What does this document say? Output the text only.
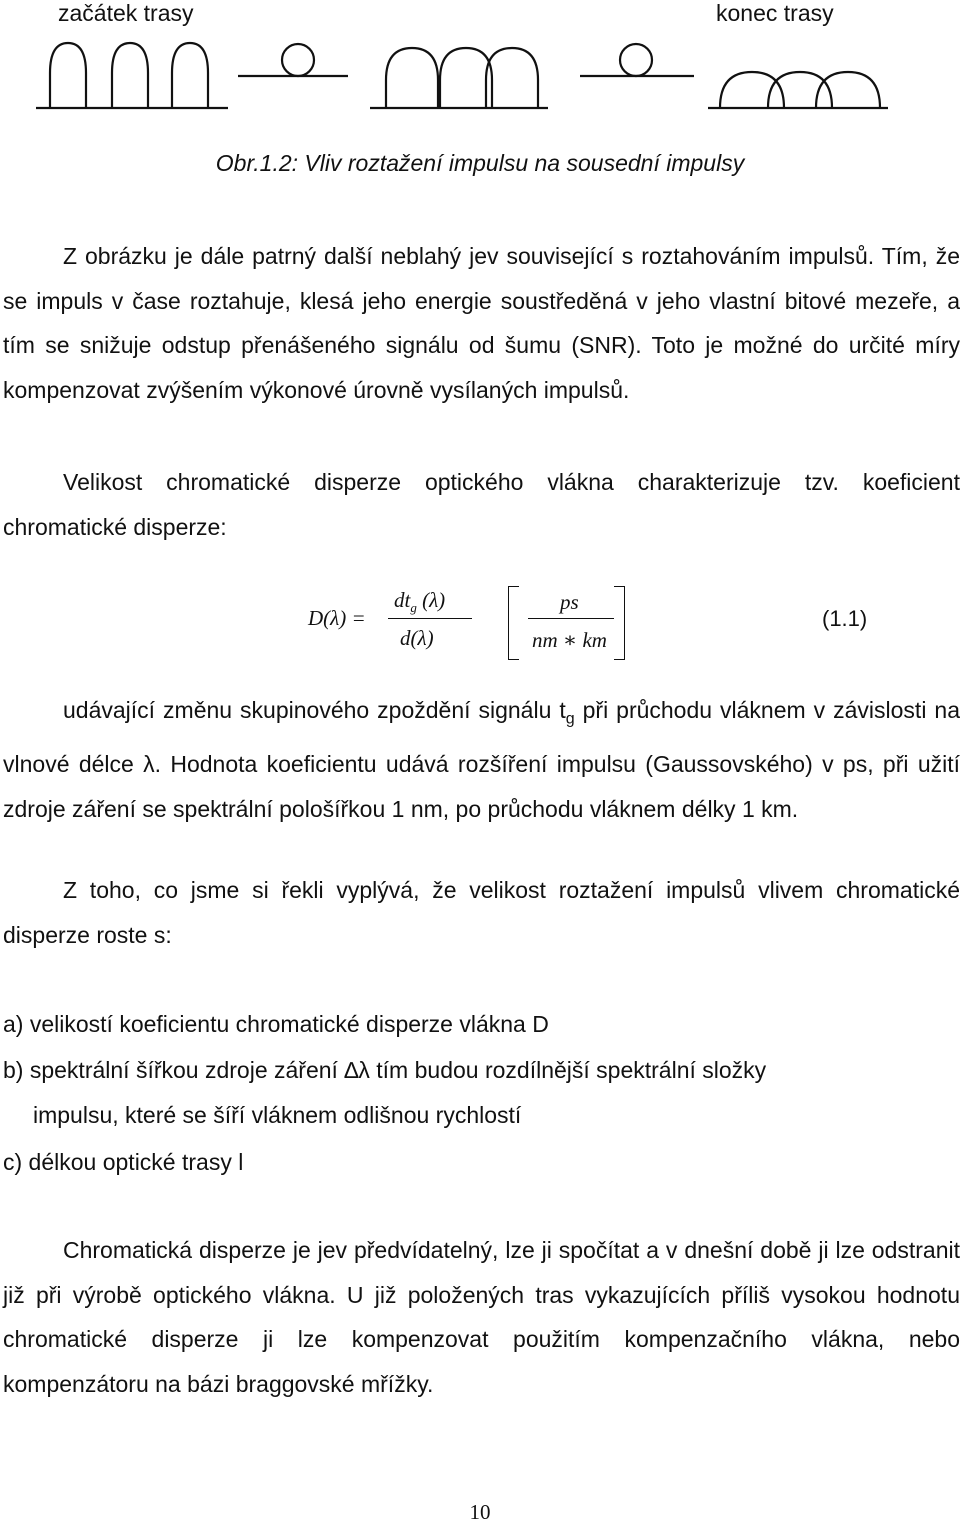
začátek trasy	konec trasy
Obr.1.2: Vliv roztažení impulsu na sousední impulsy
Z obrázku je dále patrný další neblahý jev související s roztahováním impulsů. Tím, že se impuls v čase roztahuje, klesá jeho energie soustředěná v jeho vlastní bitové mezeře, a tím se snižuje odstup přenášeného signálu od šumu (SNR). Toto je možné do určité míry kompenzovat zvýšením výkonové úrovně vysílaných impulsů.
Velikost chromatické disperze optického vlákna charakterizuje tzv. koeficient chromatické disperze:
D(λ) =
$dt_g$ (λ)
d(λ)
ps
nm ∗ km
(1.1)
udávající změnu skupinového zpoždění signálu $t_g$ při průchodu vláknem v závislosti na vlnové délce λ. Hodnota koeficientu udává rozšíření impulsu (Gaussovského) v ps, při užití zdroje záření se spektrální pološířkou 1 nm, po průchodu vláknem délky 1 km.
Z toho, co jsme si řekli vyplývá, že velikost roztažení impulsů vlivem chromatické disperze roste s:
a) velikostí koeficientu chromatické disperze vlákna D
b) spektrální šířkou zdroje záření ∆λ tím budou rozdílnější spektrální složky
impulsu, které se šíří vláknem odlišnou rychlostí
c) délkou optické trasy l
Chromatická disperze je jev předvídatelný, lze ji spočítat a v dnešní době ji lze odstranit již při výrobě optického vlákna. U již položených tras vykazujících příliš vysokou hodnotu chromatické disperze ji lze kompenzovat použitím kompenzačního vlákna, nebo kompenzátoru na bázi braggovské mřížky.
10
